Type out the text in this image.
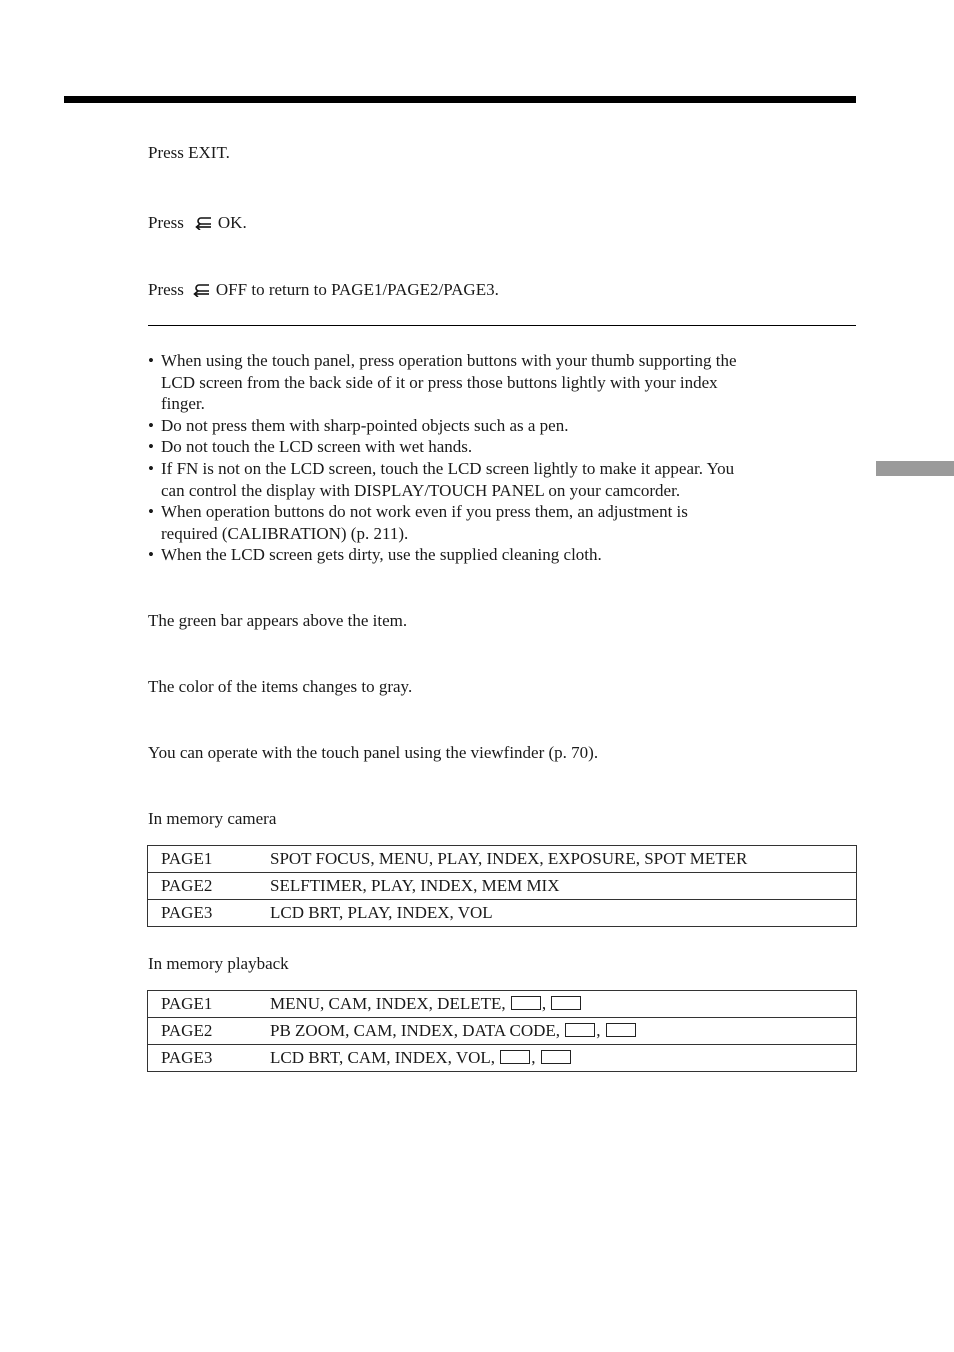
Press EXIT.
Press OK.
Press OFF to return to PAGE1/PAGE2/PAGE3.
• When using the touch panel, press operation buttons with your thumb supporting the
LCD screen from the back side of it or press those buttons lightly with your index
finger.
• Do not press them with sharp-pointed objects such as a pen.
• Do not touch the LCD screen with wet hands.
• If FN is not on the LCD screen, touch the LCD screen lightly to make it appear. You
can control the display with DISPLAY/TOUCH PANEL on your camcorder.
• When operation buttons do not work even if you press them, an adjustment is
required (CALIBRATION) (p. 211).
• When the LCD screen gets dirty, use the supplied cleaning cloth.
The green bar appears above the item.
The color of the items changes to gray.
You can operate with the touch panel using the viewfinder (p. 70).
In memory camera
PAGE1	SPOT FOCUS, MENU, PLAY, INDEX, EXPOSURE, SPOT METER
PAGE2	SELFTIMER, PLAY, INDEX, MEM MIX
PAGE3	LCD BRT, PLAY, INDEX, VOL
In memory playback
PAGE1	MENU, CAM, INDEX, DELETE, ,
PAGE2	PB ZOOM, CAM, INDEX, DATA CODE, ,
PAGE3	LCD BRT, CAM, INDEX, VOL, ,
